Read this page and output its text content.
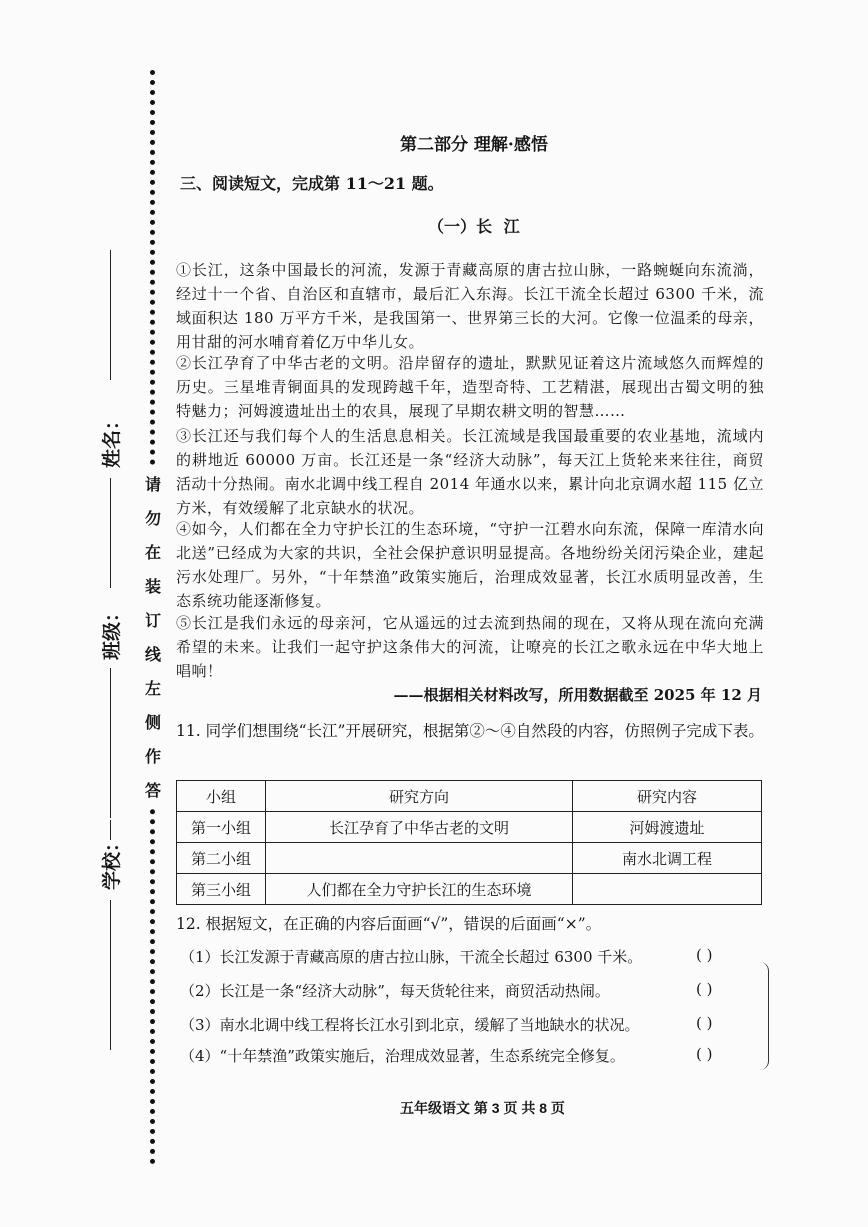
姓名：
班级：
学校：
请
勿
在
装
订
线
左
侧
作
答
第二部分 理解·感悟
三、阅读短文，完成第 11～21 题。
（一）长 江
①长江，这条中国最长的河流，发源于青藏高原的唐古拉山脉，一路蜿蜒向东流淌，经过十一个省、自治区和直辖市，最后汇入东海。长江干流全长超过 6300 千米，流域面积达 180 万平方千米，是我国第一、世界第三长的大河。它像一位温柔的母亲，用甘甜的河水哺育着亿万中华儿女。
②长江孕育了中华古老的文明。沿岸留存的遗址，默默见证着这片流域悠久而辉煌的历史。三星堆青铜面具的发现跨越千年，造型奇特、工艺精湛，展现出古蜀文明的独特魅力；河姆渡遗址出土的农具，展现了早期农耕文明的智慧……
③长江还与我们每个人的生活息息相关。长江流域是我国最重要的农业基地，流域内的耕地近 60000 万亩。长江还是一条“经济大动脉”，每天江上货轮来来往往，商贸活动十分热闹。南水北调中线工程自 2014 年通水以来，累计向北京调水超 115 亿立方米，有效缓解了北京缺水的状况。
④如今，人们都在全力守护长江的生态环境，“守护一江碧水向东流，保障一库清水向北送”已经成为大家的共识，全社会保护意识明显提高。各地纷纷关闭污染企业，建起污水处理厂。另外，“十年禁渔”政策实施后，治理成效显著，长江水质明显改善，生态系统功能逐渐修复。
⑤长江是我们永远的母亲河，它从遥远的过去流到热闹的现在，又将从现在流向充满希望的未来。让我们一起守护这条伟大的河流，让嘹亮的长江之歌永远在中华大地上唱响！
——根据相关材料改写，所用数据截至 2025 年 12 月
11. 同学们想围绕“长江”开展研究，根据第②～④自然段的内容，仿照例子完成下表。
小组	研究方向	研究内容
第一小组	长江孕育了中华古老的文明	河姆渡遗址
第二小组		南水北调工程
第三小组	人们都在全力守护长江的生态环境	
12. 根据短文，在正确的内容后面画“√”，错误的后面画“×”。
（1）长江发源于青藏高原的唐古拉山脉，干流全长超过 6300 千米。	( )
（2）长江是一条“经济大动脉”，每天货轮往来，商贸活动热闹。	( )
（3）南水北调中线工程将长江水引到北京，缓解了当地缺水的状况。	( )
（4）“十年禁渔”政策实施后，治理成效显著，生态系统完全修复。	( )
五年级语文 第 3 页 共 8 页
